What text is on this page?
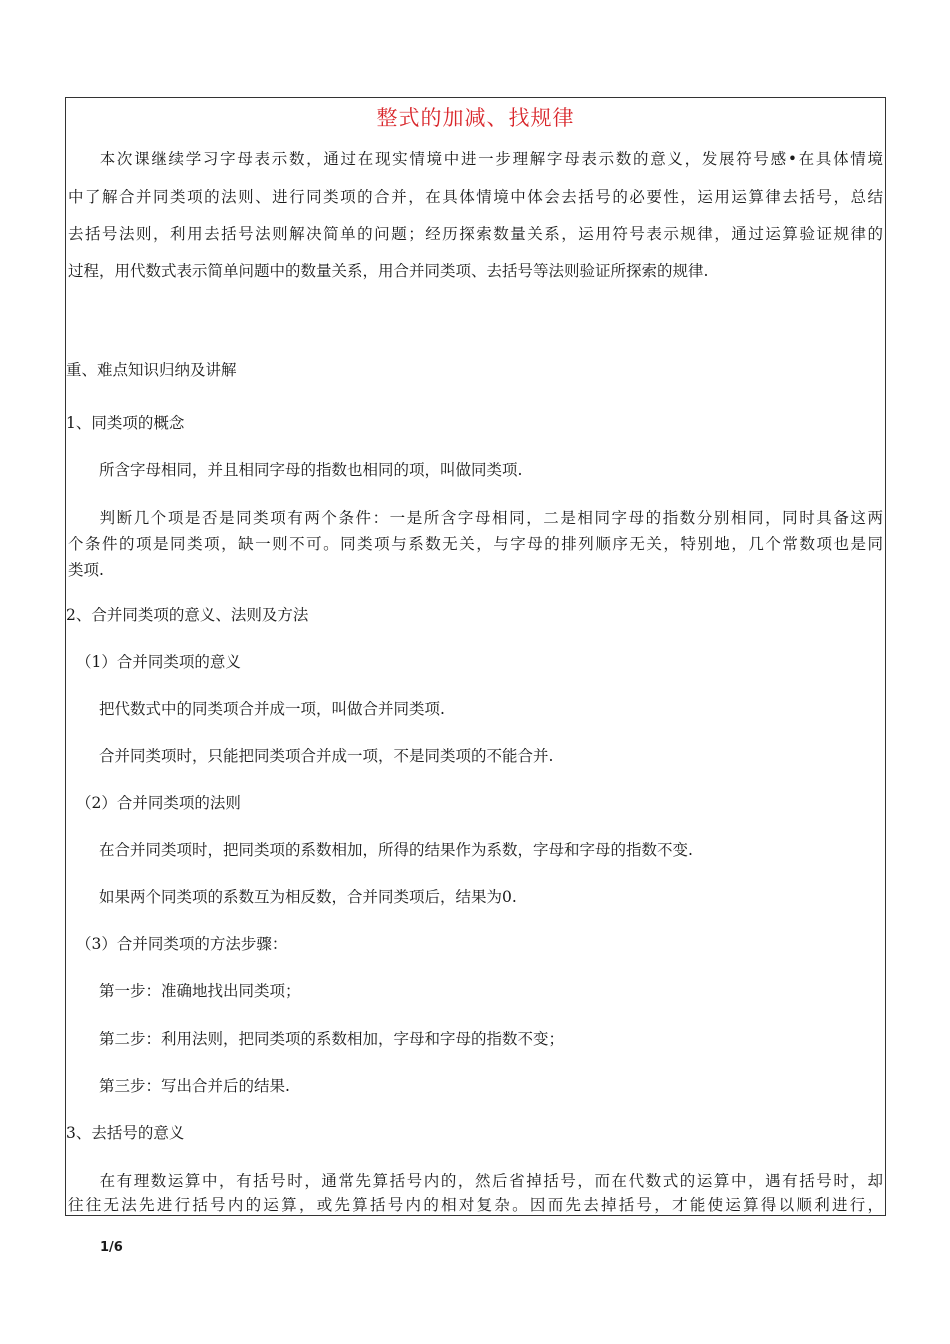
整式的加减、找规律
本次课继续学习字母表示数，通过在现实情境中进一步理解字母表示数的意义，发展符号感•在具体情境
中了解合并同类项的法则、进行同类项的合并，在具体情境中体会去括号的必要性，运用运算律去括号，总结
去括号法则，利用去括号法则解决简单的问题；经历探索数量关系，运用符号表示规律，通过运算验证规律的
过程，用代数式表示简单问题中的数量关系，用合并同类项、去括号等法则验证所探索的规律.
重、难点知识归纳及讲解
1、同类项的概念
所含字母相同，并且相同字母的指数也相同的项，叫做同类项.
判断几个项是否是同类项有两个条件：一是所含字母相同，二是相同字母的指数分别相同，同时具备这两
个条件的项是同类项，缺一则不可。同类项与系数无关，与字母的排列顺序无关，特别地，几个常数项也是同
类项.
2、合并同类项的意义、法则及方法
（1）合并同类项的意义
把代数式中的同类项合并成一项，叫做合并同类项.
合并同类项时，只能把同类项合并成一项，不是同类项的不能合并.
（2）合并同类项的法则
在合并同类项时，把同类项的系数相加，所得的结果作为系数，字母和字母的指数不变.
如果两个同类项的系数互为相反数，合并同类项后，结果为0.
（3）合并同类项的方法步骤：
第一步：准确地找出同类项；
第二步：利用法则，把同类项的系数相加，字母和字母的指数不变；
第三步：写出合并后的结果.
3、去括号的意义
在有理数运算中，有括号时，通常先算括号内的，然后省掉括号，而在代数式的运算中，遇有括号时，却
往往无法先进行括号内的运算，或先算括号内的相对复杂。因而先去掉括号，才能使运算得以顺利进行，
1/6
